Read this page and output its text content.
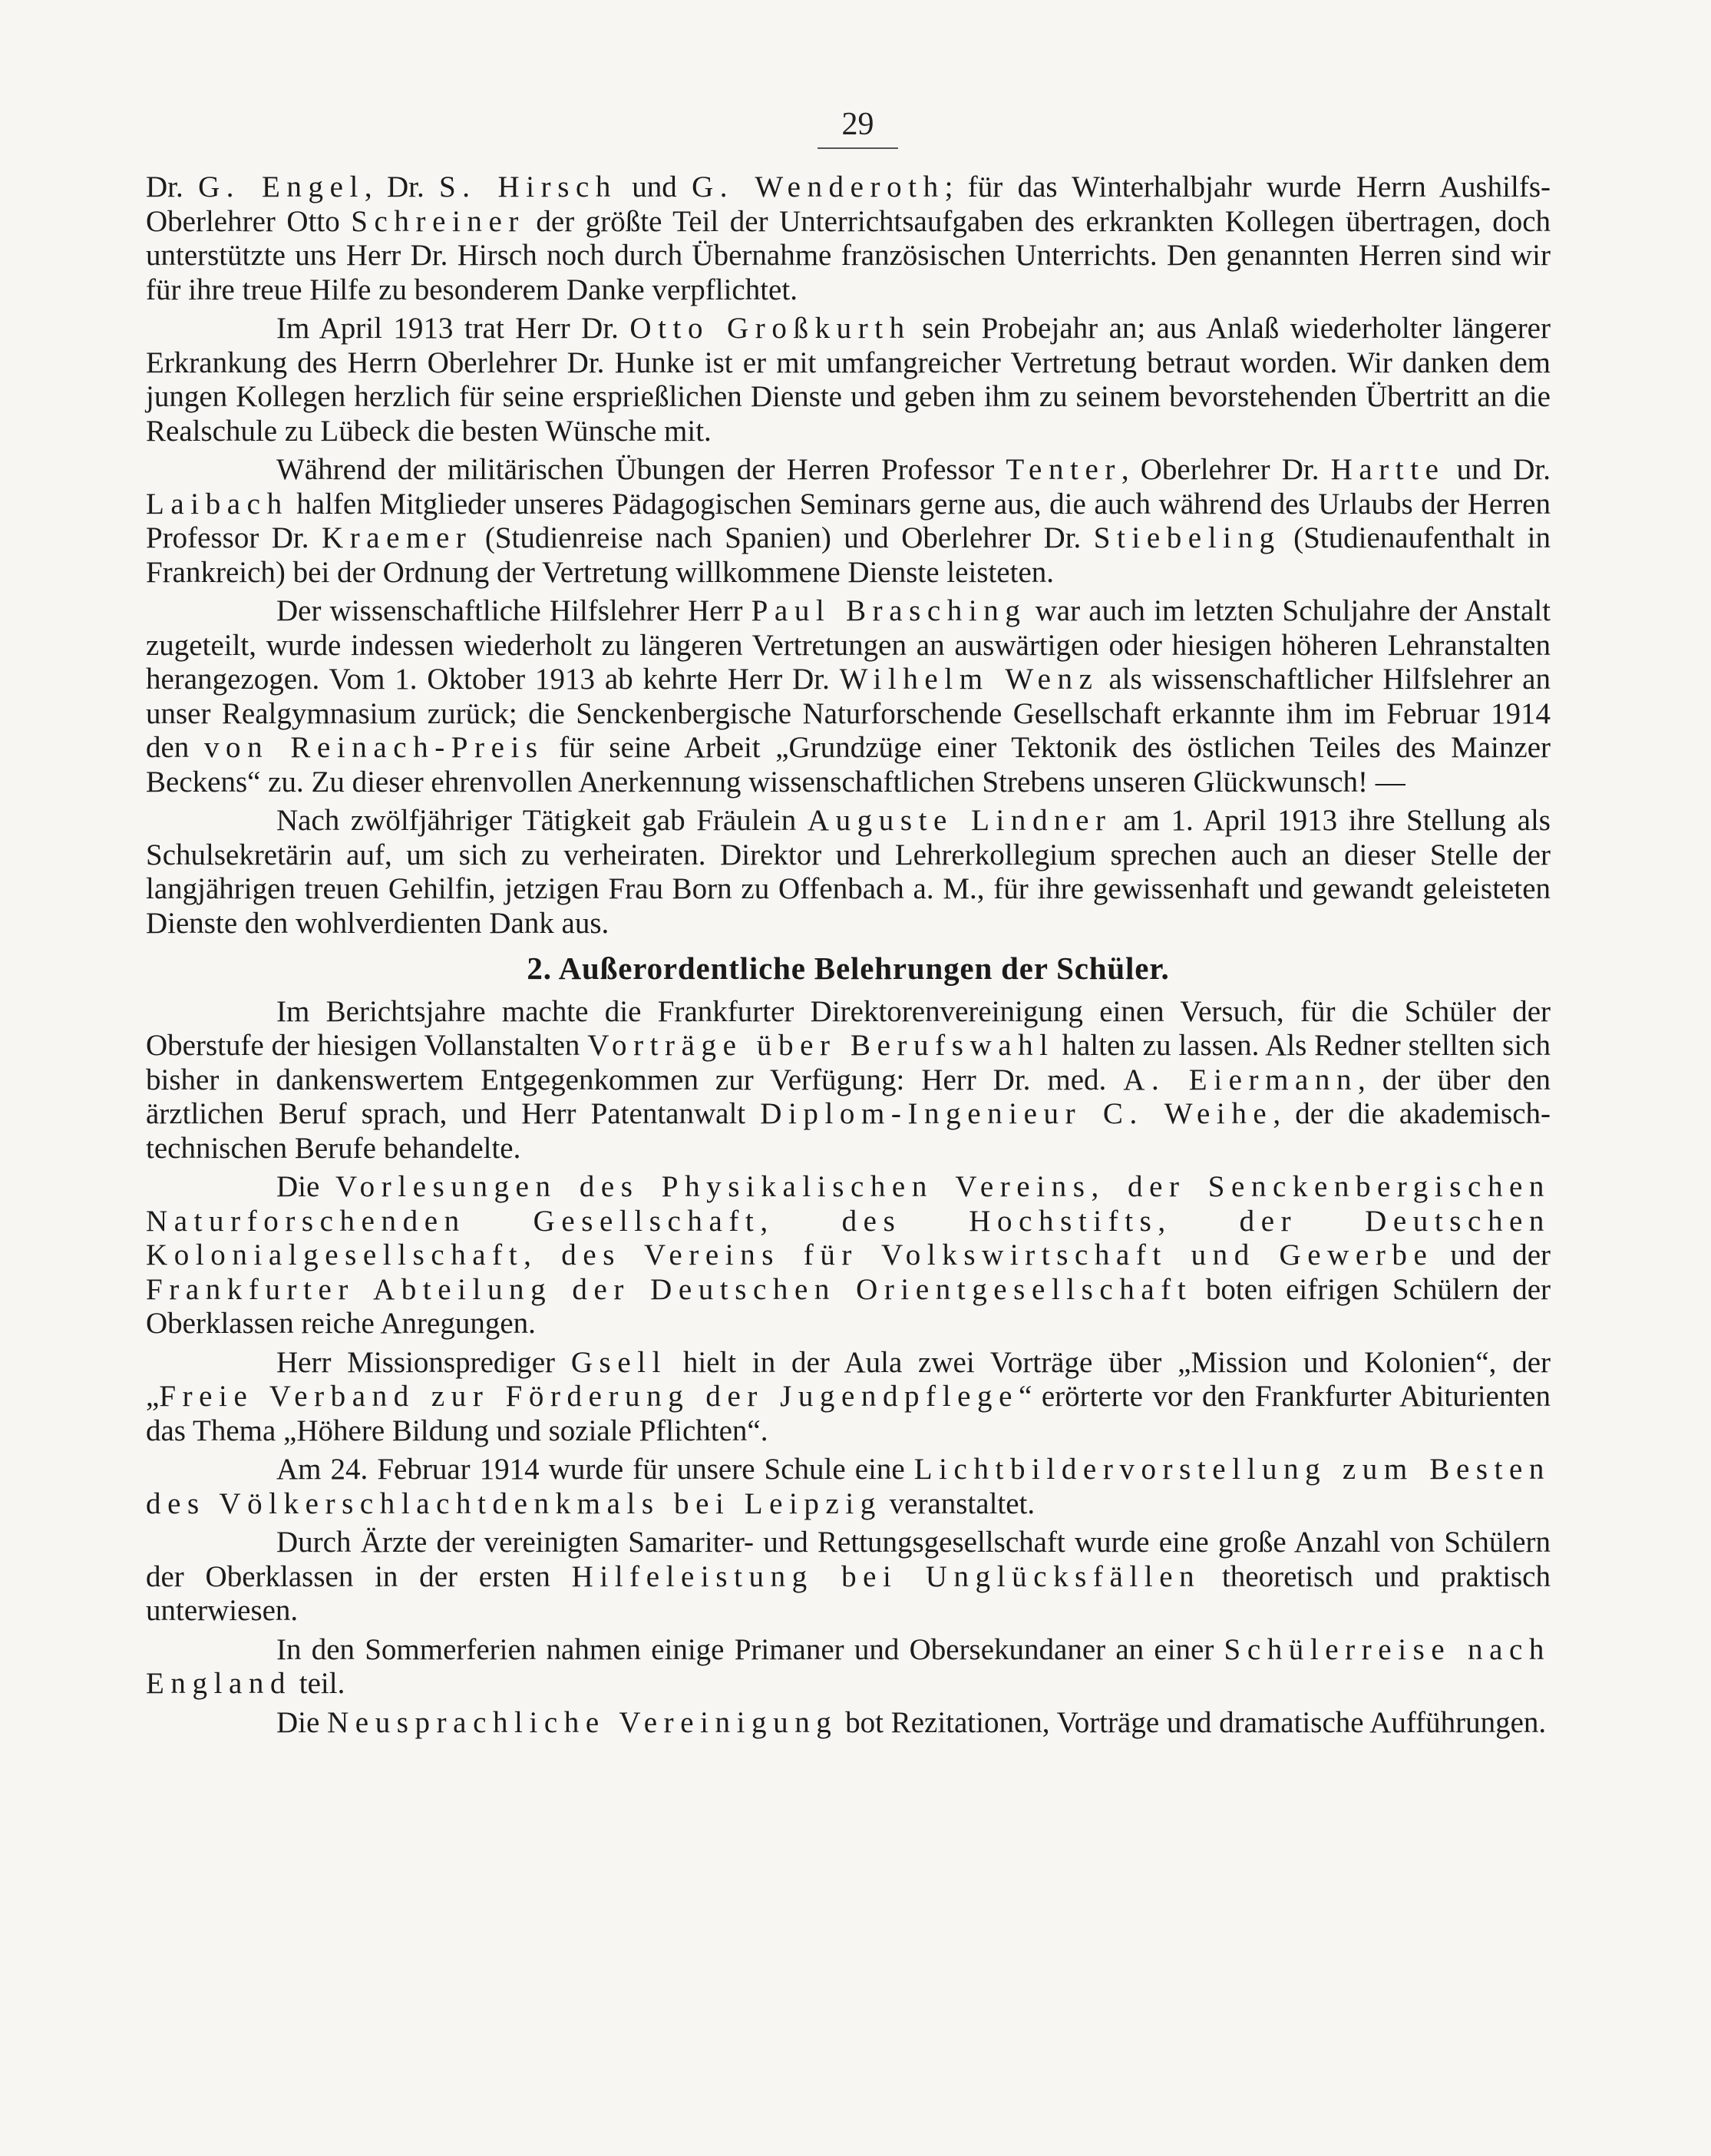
29

Dr. G. Engel, Dr. S. Hirsch und G. Wenderoth; für das Winterhalbjahr wurde Herrn Aushilfs-Oberlehrer Otto Schreiner der größte Teil der Unterrichtsaufgaben des erkrankten Kollegen übertragen, doch unterstützte uns Herr Dr. Hirsch noch durch Übernahme französischen Unterrichts. Den genannten Herren sind wir für ihre treue Hilfe zu besonderem Danke verpflichtet.

Im April 1913 trat Herr Dr. Otto Großkurth sein Probejahr an; aus Anlaß wiederholter längerer Erkrankung des Herrn Oberlehrer Dr. Hunke ist er mit umfangreicher Vertretung betraut worden. Wir danken dem jungen Kollegen herzlich für seine ersprießlichen Dienste und geben ihm zu seinem bevorstehenden Übertritt an die Realschule zu Lübeck die besten Wünsche mit.

Während der militärischen Übungen der Herren Professor Tenter, Oberlehrer Dr. Hartte und Dr. Laibach halfen Mitglieder unseres Pädagogischen Seminars gerne aus, die auch während des Urlaubs der Herren Professor Dr. Kraemer (Studienreise nach Spanien) und Oberlehrer Dr. Stiebeling (Studienaufenthalt in Frankreich) bei der Ordnung der Vertretung willkommene Dienste leisteten.

Der wissenschaftliche Hilfslehrer Herr Paul Brasching war auch im letzten Schuljahre der Anstalt zugeteilt, wurde indessen wiederholt zu längeren Vertretungen an auswärtigen oder hiesigen höheren Lehranstalten herangezogen. Vom 1. Oktober 1913 ab kehrte Herr Dr. Wilhelm Wenz als wissenschaftlicher Hilfslehrer an unser Realgymnasium zurück; die Senckenbergische Naturforschende Gesellschaft erkannte ihm im Februar 1914 den von Reinach-Preis für seine Arbeit „Grundzüge einer Tektonik des östlichen Teiles des Mainzer Beckens“ zu. Zu dieser ehrenvollen Anerkennung wissenschaftlichen Strebens unseren Glückwunsch! —

Nach zwölfjähriger Tätigkeit gab Fräulein Auguste Lindner am 1. April 1913 ihre Stellung als Schulsekretärin auf, um sich zu verheiraten. Direktor und Lehrerkollegium sprechen auch an dieser Stelle der langjährigen treuen Gehilfin, jetzigen Frau Born zu Offenbach a. M., für ihre gewissenhaft und gewandt geleisteten Dienste den wohlverdienten Dank aus.

2. Außerordentliche Belehrungen der Schüler.

Im Berichtsjahre machte die Frankfurter Direktorenvereinigung einen Versuch, für die Schüler der Oberstufe der hiesigen Vollanstalten Vorträge über Berufswahl halten zu lassen. Als Redner stellten sich bisher in dankenswertem Entgegenkommen zur Verfügung: Herr Dr. med. A. Eiermann, der über den ärztlichen Beruf sprach, und Herr Patentanwalt Diplom-Ingenieur C. Weihe, der die akademisch-technischen Berufe behandelte.

Die Vorlesungen des Physikalischen Vereins, der Senckenbergischen Naturforschenden Gesellschaft, des Hochstifts, der Deutschen Kolonialgesellschaft, des Vereins für Volkswirtschaft und Gewerbe und der Frankfurter Abteilung der Deutschen Orientgesellschaft boten eifrigen Schülern der Oberklassen reiche Anregungen.

Herr Missionsprediger Gsell hielt in der Aula zwei Vorträge über „Mission und Kolonien“, der „Freie Verband zur Förderung der Jugendpflege“ erörterte vor den Frankfurter Abiturienten das Thema „Höhere Bildung und soziale Pflichten“.

Am 24. Februar 1914 wurde für unsere Schule eine Lichtbildervorstellung zum Besten des Völkerschlachtdenkmals bei Leipzig veranstaltet.

Durch Ärzte der vereinigten Samariter- und Rettungsgesellschaft wurde eine große Anzahl von Schülern der Oberklassen in der ersten Hilfeleistung bei Unglücksfällen theoretisch und praktisch unterwiesen.

In den Sommerferien nahmen einige Primaner und Obersekundaner an einer Schülerreise nach England teil.

Die Neusprachliche Vereinigung bot Rezitationen, Vorträge und dramatische Aufführungen.
